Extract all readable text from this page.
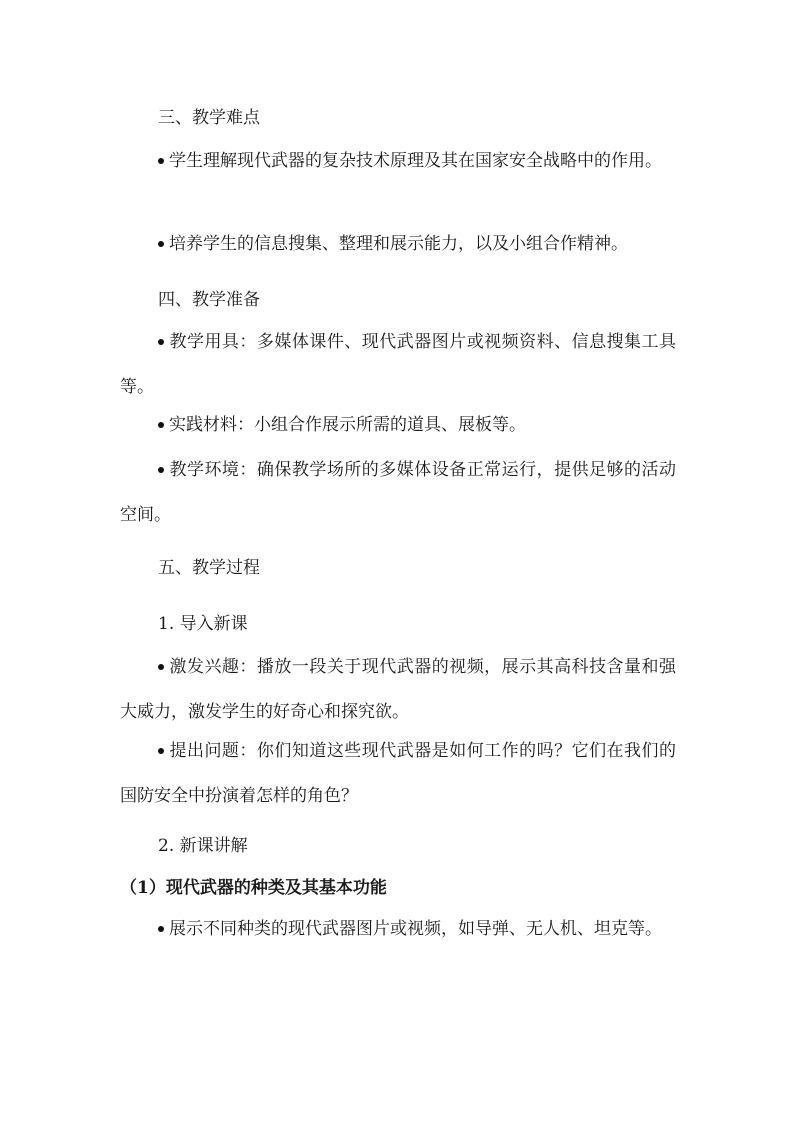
三、教学难点

学生理解现代武器的复杂技术原理及其在国家安全战略中的作用。

培养学生的信息搜集、整理和展示能力，以及小组合作精神。

四、教学准备

教学用具：多媒体课件、现代武器图片或视频资料、信息搜集工具等。

实践材料：小组合作展示所需的道具、展板等。

教学环境：确保教学场所的多媒体设备正常运行，提供足够的活动空间。

五、教学过程

1. 导入新课

激发兴趣：播放一段关于现代武器的视频，展示其高科技含量和强大威力，激发学生的好奇心和探究欲。

提出问题：你们知道这些现代武器是如何工作的吗？它们在我们的国防安全中扮演着怎样的角色？

2. 新课讲解

（1）现代武器的种类及其基本功能

展示不同种类的现代武器图片或视频，如导弹、无人机、坦克等。
